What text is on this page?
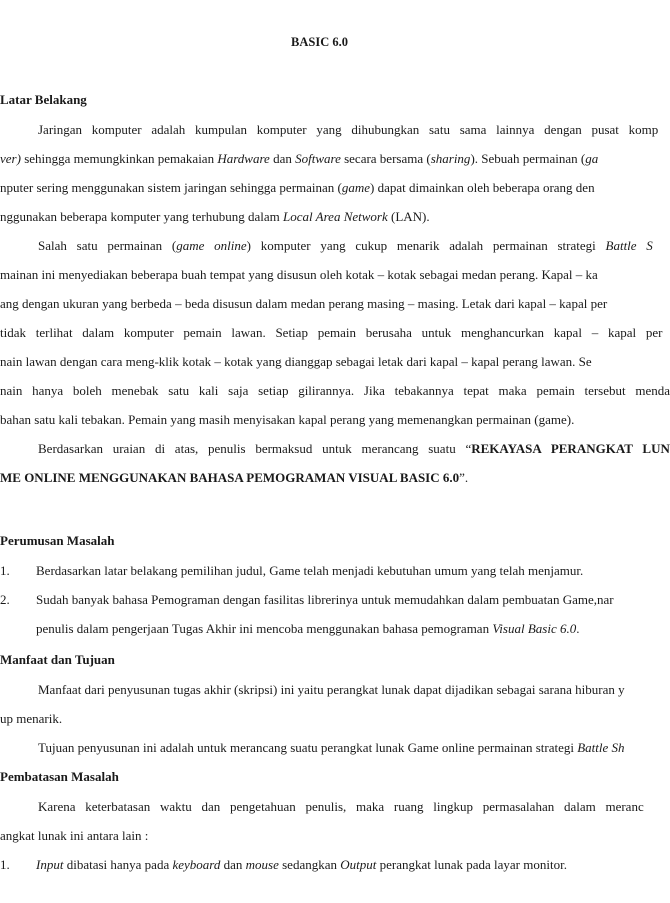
BASIC 6.0
Latar Belakang
Jaringan   komputer   adalah   kumpulan   komputer   yang   dihubungkan   satu   sama   lainnya   dengan   pusat   komp
ver) sehingga memungkinkan pemakaian Hardware dan Software secara bersama (sharing). Sebuah permainan (ga
nputer sering menggunakan sistem jaringan sehingga permainan (game) dapat dimainkan oleh beberapa orang den
nggunakan beberapa komputer yang terhubung dalam Local Area Network (LAN).
Salah   satu   permainan   (game   online)   komputer   yang   cukup   menarik   adalah   permainan   strategi   Battle   S
mainan ini menyediakan beberapa buah tempat yang disusun oleh kotak – kotak sebagai medan perang. Kapal – ka
ang dengan ukuran yang berbeda – beda disusun dalam medan perang masing – masing. Letak dari kapal – kapal per
tidak   terlihat   dalam   komputer   pemain   lawan.   Setiap   pemain   berusaha   untuk   menghancurkan   kapal   –   kapal   per
nain lawan dengan cara meng-klik kotak – kotak yang dianggap sebagai letak dari kapal – kapal perang lawan. Se
nain   hanya   boleh   menebak   satu   kali   saja   setiap   gilirannya.   Jika   tebakannya   tepat   maka   pemain   tersebut   menda
bahan satu kali tebakan. Pemain yang masih menyisakan kapal perang yang memenangkan permainan (game).
Berdasarkan   uraian   di   atas,   penulis   bermaksud   untuk   merancang   suatu   “REKAYASA   PERANGKAT   LUN
ME ONLINE MENGGUNAKAN BAHASA PEMOGRAMAN VISUAL BASIC 6.0”.
Perumusan Masalah
1. Berdasarkan latar belakang pemilihan judul, Game telah menjadi kebutuhan umum yang telah menjamur.
2. Sudah banyak bahasa Pemograman dengan fasilitas librerinya untuk memudahkan dalam pembuatan Game,nar
penulis dalam pengerjaan Tugas Akhir ini mencoba menggunakan bahasa pemograman Visual Basic 6.0.
Manfaat dan Tujuan
Manfaat dari penyusunan tugas akhir (skripsi) ini yaitu perangkat lunak dapat dijadikan sebagai sarana hiburan y
up menarik.
Tujuan penyusunan ini adalah untuk merancang suatu perangkat lunak Game online permainan strategi Battle Sh
Pembatasan Masalah
Karena   keterbatasan   waktu   dan   pengetahuan   penulis,   maka   ruang   lingkup   permasalahan   dalam   meranc
angkat lunak ini antara lain :
1. Input dibatasi hanya pada keyboard dan mouse sedangkan Output perangkat lunak pada layar monitor.
